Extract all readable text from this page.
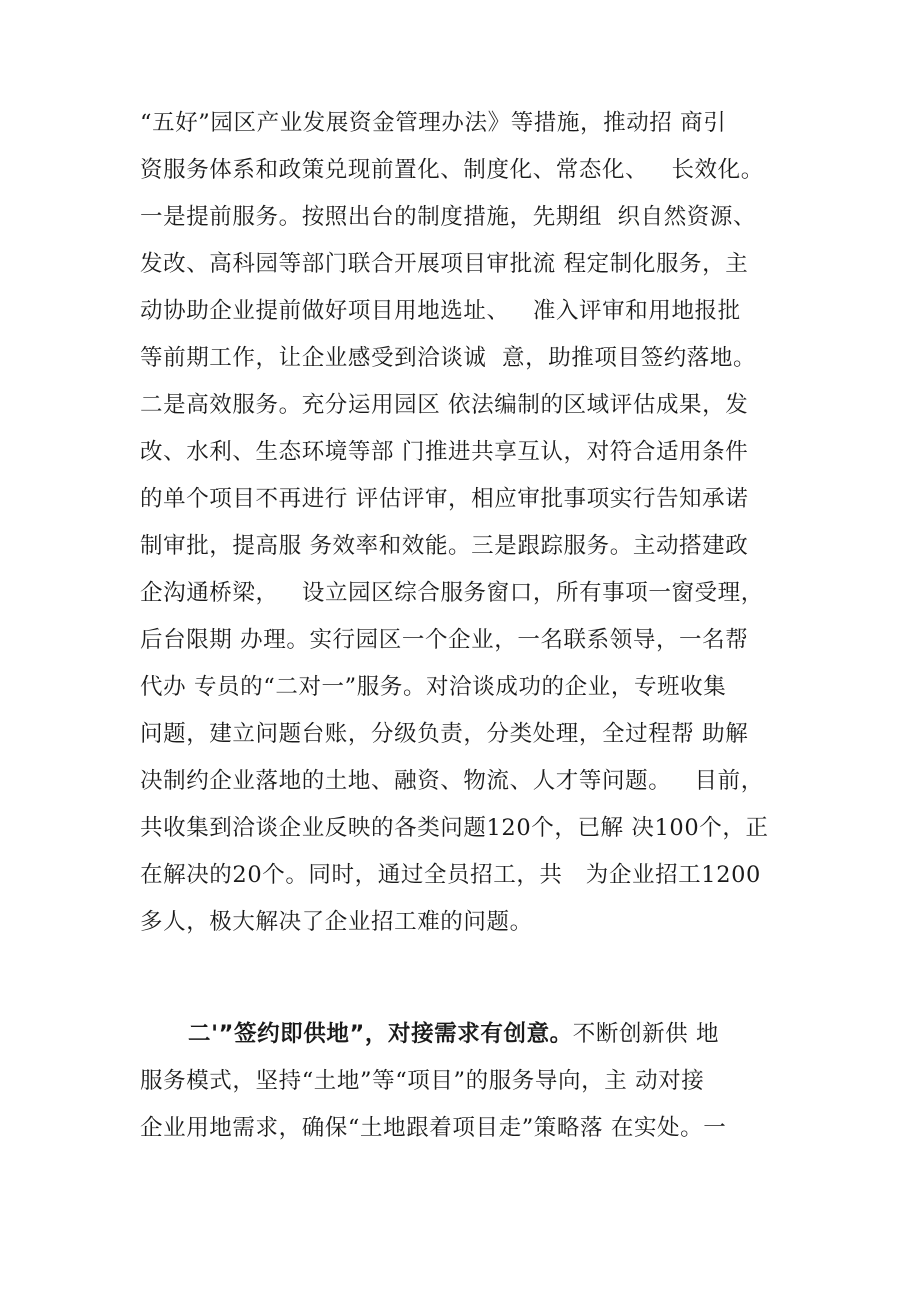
“五好”园区产业发展资金管理办法》等措施，推动招 商引
资服务体系和政策兑现前置化、制度化、常态化、   长效化。
一是提前服务。按照出台的制度措施，先期组  织自然资源、
发改、高科园等部门联合开展项目审批流 程定制化服务，主
动协助企业提前做好项目用地选址、   准入评审和用地报批
等前期工作，让企业感受到洽谈诚  意，助推项目签约落地。
二是高效服务。充分运用园区 依法编制的区域评估成果，发
改、水利、生态环境等部 门推进共享互认，对符合适用条件
的单个项目不再进行 评估评审，相应审批事项实行告知承诺
制审批，提高服 务效率和效能。三是跟踪服务。主动搭建政
企沟通桥梁，   设立园区综合服务窗口，所有事项一窗受理，
后台限期 办理。实行园区一个企业，一名联系领导，一名帮
代办 专员的“二对一”服务。对洽谈成功的企业，专班收集
问题，建立问题台账，分级负责，分类处理，全过程帮 助解
决制约企业落地的土地、融资、物流、人才等问题。   目前，
共收集到洽谈企业反映的各类问题120个，已解 决100个，正
在解决的20个。同时，通过全员招工，共   为企业招工1200
多人，极大解决了企业招工难的问题。
二'”签约即供地”，对接需求有创意。不断创新供 地
服务模式，坚持“土地”等“项目”的服务导向，主 动对接
企业用地需求，确保“土地跟着项目走”策略落 在实处。一
